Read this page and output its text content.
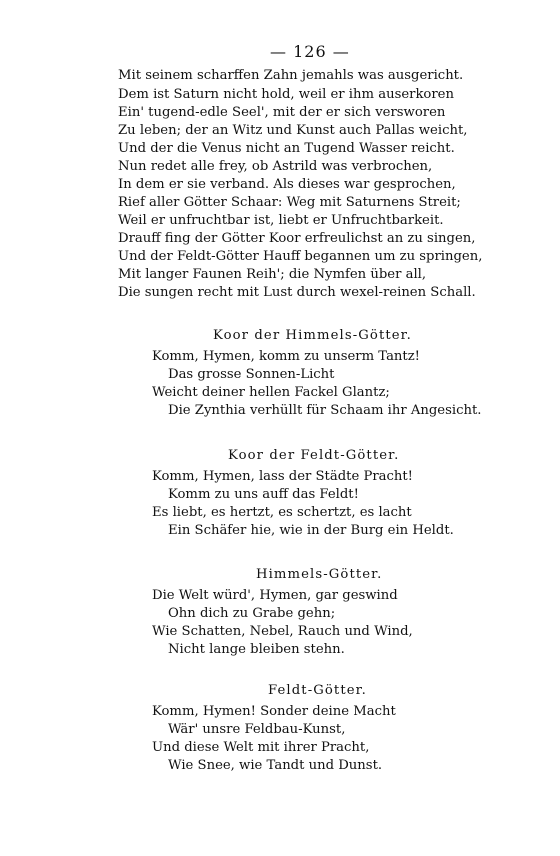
— 126 —
Mit seinem scharffen Zahn jemahls was ausgericht.
Dem ist Saturn nicht hold, weil er ihm auserkoren
Ein' tugend-edle Seel', mit der er sich versworen
Zu leben; der an Witz und Kunst auch Pallas weicht,
Und der die Venus nicht an Tugend Wasser reicht.
Nun redet alle frey, ob Astrild was verbrochen,
In dem er sie verband. Als dieses war gesprochen,
Rief aller Götter Schaar: Weg mit Saturnens Streit;
Weil er unfruchtbar ist, liebt er Unfruchtbarkeit.
Drauff fing der Götter Koor erfreulichst an zu singen,
Und der Feldt-Götter Hauff begannen um zu springen,
Mit langer Faunen Reih'; die Nymfen über all,
Die sungen recht mit Lust durch wexel-reinen Schall.
Koor der Himmels-Götter.
Komm, Hymen, komm zu unserm Tantz!
Das grosse Sonnen-Licht
Weicht deiner hellen Fackel Glantz;
Die Zynthia verhüllt für Schaam ihr Angesicht.
Koor der Feldt-Götter.
Komm, Hymen, lass der Städte Pracht!
Komm zu uns auff das Feldt!
Es liebt, es hertzt, es schertzt, es lacht
Ein Schäfer hie, wie in der Burg ein Heldt.
Himmels-Götter.
Die Welt würd', Hymen, gar geswind
Ohn dich zu Grabe gehn;
Wie Schatten, Nebel, Rauch und Wind,
Nicht lange bleiben stehn.
Feldt-Götter.
Komm, Hymen! Sonder deine Macht
Wär' unsre Feldbau-Kunst,
Und diese Welt mit ihrer Pracht,
Wie Snee, wie Tandt und Dunst.
